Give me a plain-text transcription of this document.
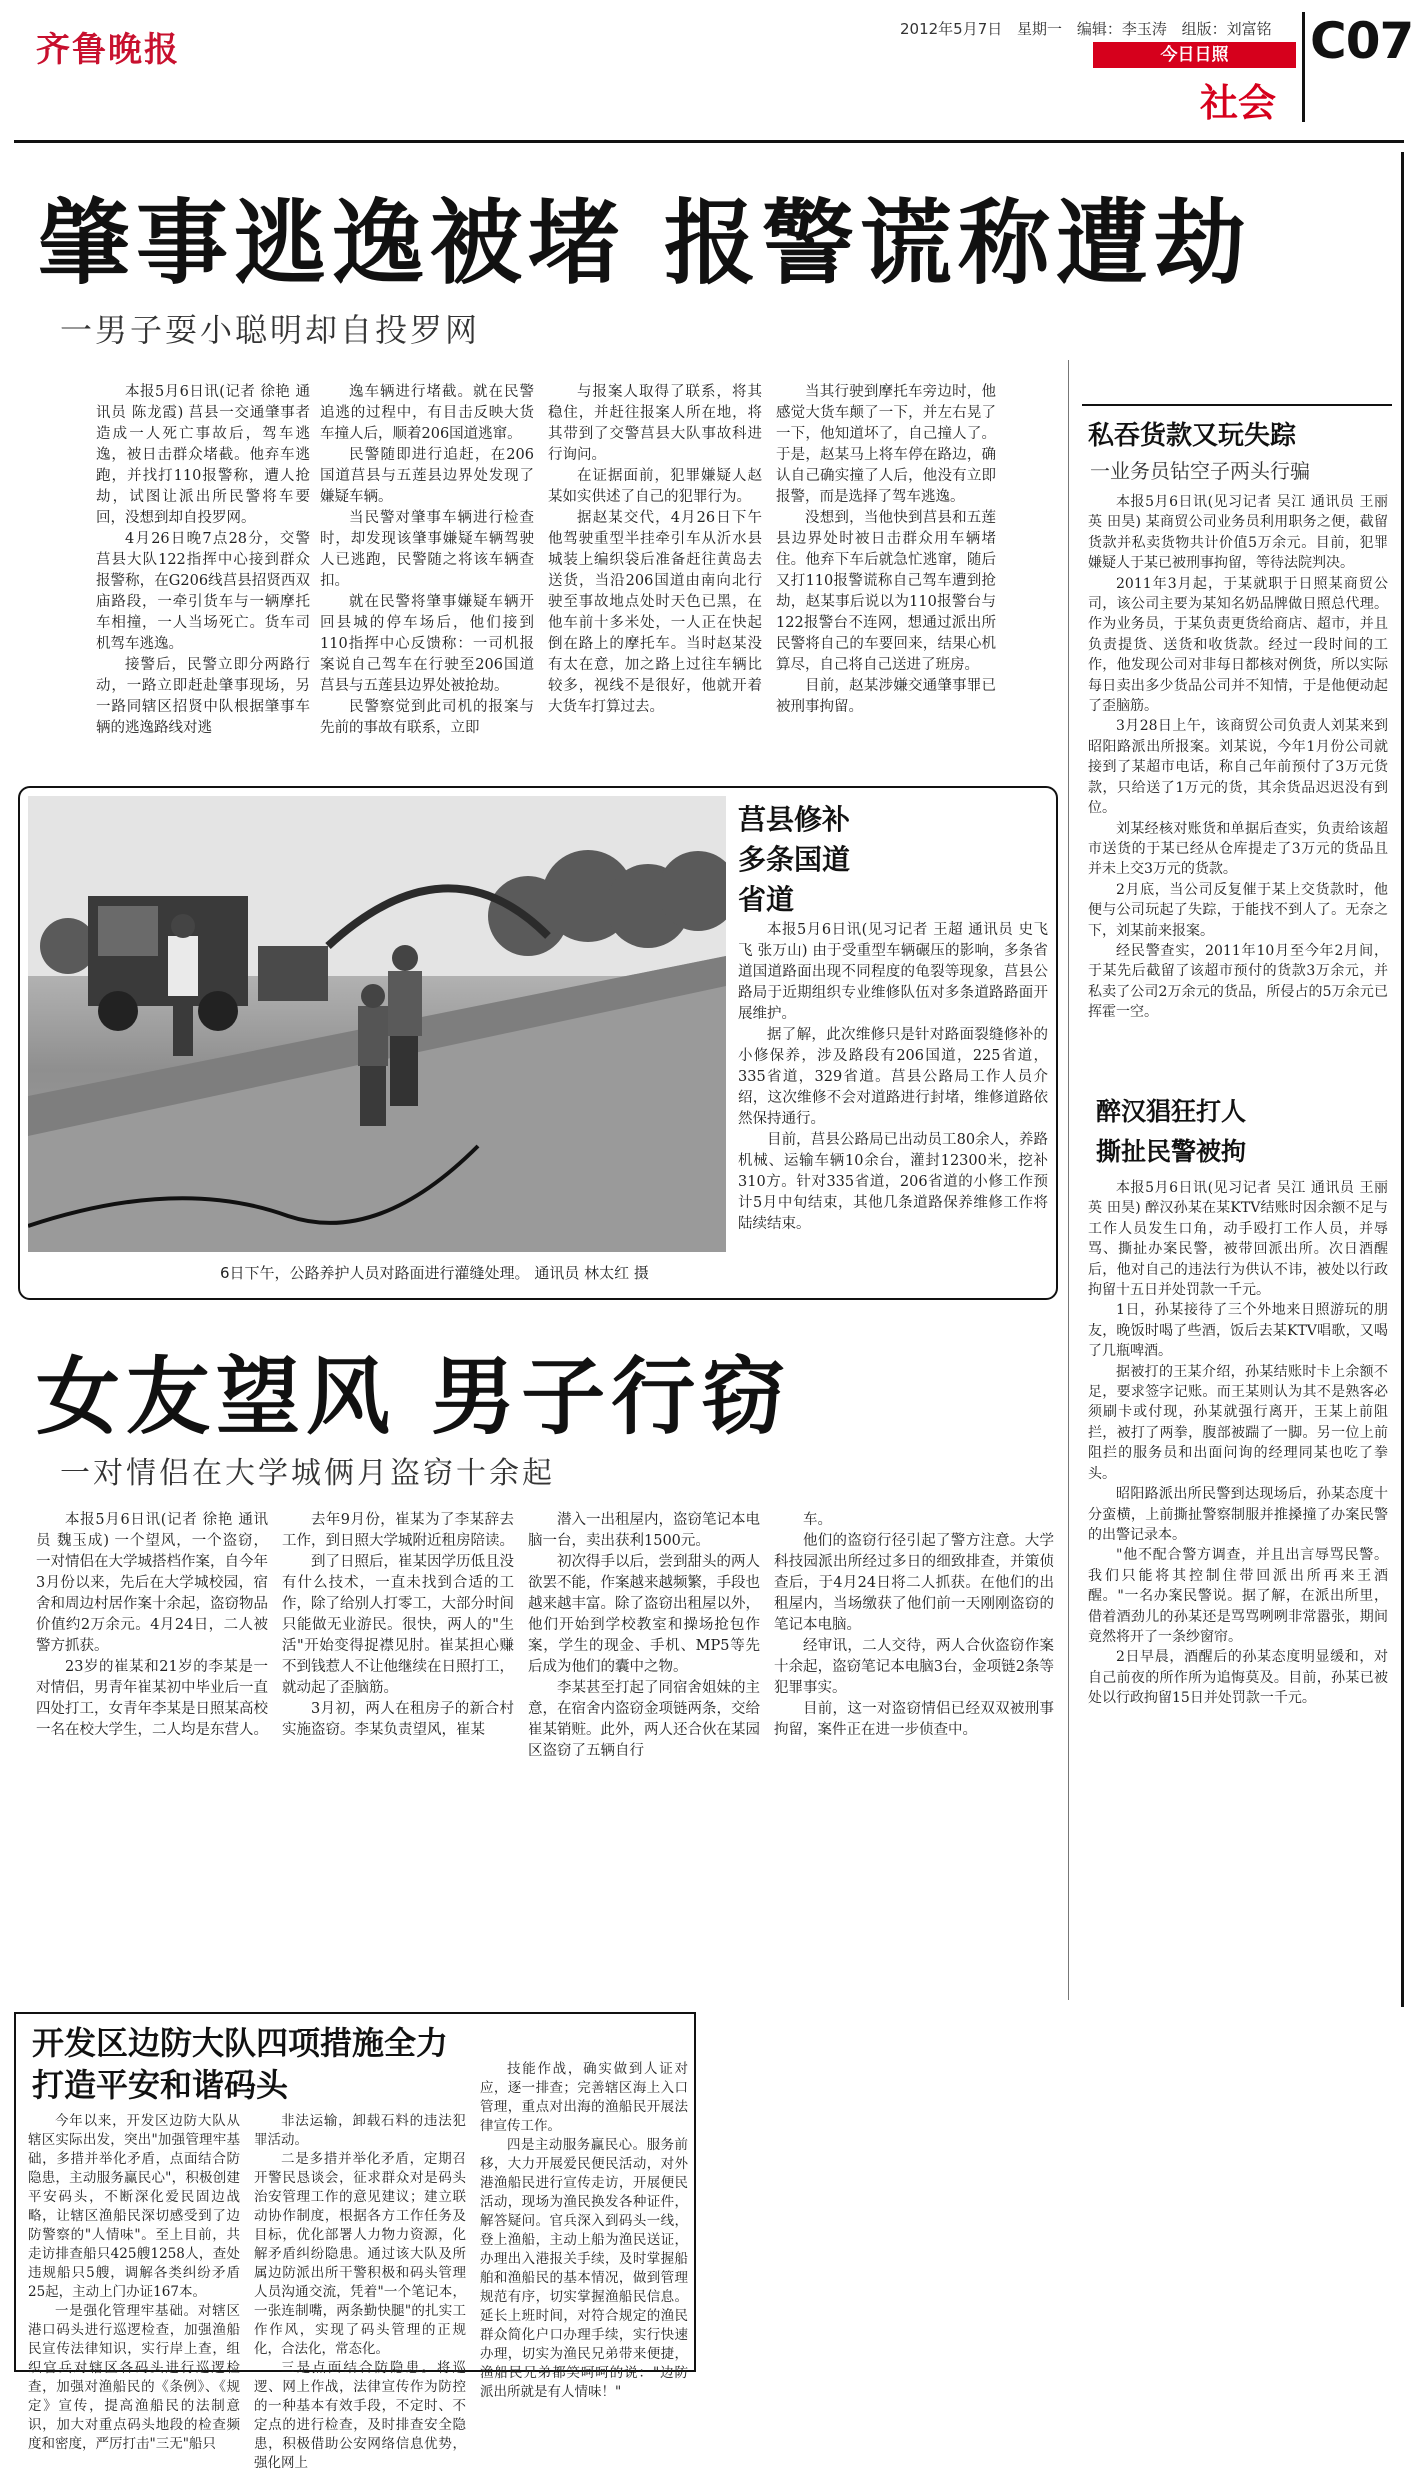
齐鲁晚报
2012年5月7日 星期一 编辑：李玉涛 组版：刘富铭
今日日照
社会
C07
肇事逃逸被堵 报警谎称遭劫
一男子耍小聪明却自投罗网

本报5月6日讯(记者 徐艳 通讯员 陈龙霞) 莒县一交通肇事者造成一人死亡事故后，驾车逃逸，被日击群众堵截。他弃车逃跑，并找打110报警称，遭人抢劫，试图让派出所民警将车要回，没想到却自投罗网。

4月26日晚7点28分，交警莒县大队122指挥中心接到群众报警称，在G206线莒县招贤西双庙路段，一牵引货车与一辆摩托车相撞，一人当场死亡。货车司机驾车逃逸。

接警后，民警立即分两路行动，一路立即赶赴肇事现场，另一路同辖区招贤中队根据肇事车辆的逃逸路线对逃

逸车辆进行堵截。就在民警追逃的过程中，有目击反映大货车撞人后，顺着206国道逃窜。

民警随即进行追赶，在206国道莒县与五莲县边界处发现了嫌疑车辆。

当民警对肇事车辆进行检查时，却发现该肇事嫌疑车辆驾驶人已逃跑，民警随之将该车辆查扣。

就在民警将肇事嫌疑车辆开回县城的停车场后，他们接到110指挥中心反馈称：一司机报案说自己驾车在行驶至206国道莒县与五莲县边界处被抢劫。

民警察觉到此司机的报案与先前的事故有联系，立即

与报案人取得了联系，将其稳住，并赶往报案人所在地，将其带到了交警莒县大队事故科进行询问。

在证据面前，犯罪嫌疑人赵某如实供述了自己的犯罪行为。

据赵某交代，4月26日下午他驾驶重型半挂牵引车从沂水县城装上编织袋后准备赶往黄岛去送货，当沿206国道由南向北行驶至事故地点处时天色已黑，在他车前十多米处，一人正在快起倒在路上的摩托车。当时赵某没有太在意，加之路上过往车辆比较多，视线不是很好，他就开着大货车打算过去。

当其行驶到摩托车旁边时，他感觉大货车颠了一下，并左右晃了一下，他知道坏了，自己撞人了。于是，赵某马上将车停在路边，确认自己确实撞了人后，他没有立即报警，而是选择了驾车逃逸。

没想到，当他快到莒县和五莲县边界处时被日击群众用车辆堵住。他弃下车后就急忙逃窜，随后又打110报警谎称自己驾车遭到抢劫，赵某事后说以为110报警台与122报警台不连网，想通过派出所民警将自己的车要回来，结果心机算尽，自己将自己送进了班房。

目前，赵某涉嫌交通肇事罪已被刑事拘留。

6日下午，公路养护人员对路面进行灌缝处理。 通讯员 林太红 摄
莒县修补多条国道省道

本报5月6日讯(见习记者 王超 通讯员 史飞飞 张万山) 由于受重型车辆碾压的影响，多条省道国道路面出现不同程度的龟裂等现象，莒县公路局于近期组织专业维修队伍对多条道路路面开展维护。

据了解，此次维修只是针对路面裂缝修补的小修保养，涉及路段有206国道，225省道，335省道，329省道。莒县公路局工作人员介绍，这次维修不会对道路进行封堵，维修道路依然保持通行。

目前，莒县公路局已出动员工80余人，养路机械、运输车辆10余台，灌封12300米，挖补310方。针对335省道，206省道的小修工作预计5月中旬结束，其他几条道路保养维修工作将陆续结束。

女友望风 男子行窃
一对情侣在大学城俩月盗窃十余起

本报5月6日讯(记者 徐艳 通讯员 魏玉成) 一个望风，一个盗窃，一对情侣在大学城搭档作案，自今年3月份以来，先后在大学城校园，宿舍和周边村居作案十余起，盗窃物品价值约2万余元。4月24日，二人被警方抓获。

23岁的崔某和21岁的李某是一对情侣，男青年崔某初中毕业后一直四处打工，女青年李某是日照某高校一名在校大学生，二人均是东营人。

去年9月份，崔某为了李某辞去工作，到日照大学城附近租房陪读。

到了日照后，崔某因学历低且没有什么技术，一直未找到合适的工作，除了给别人打零工，大部分时间只能做无业游民。很快，两人的"生活"开始变得捉襟见肘。崔某担心赚不到钱惹人不让他继续在日照打工，就动起了歪脑筋。

3月初，两人在租房子的新合村实施盗窃。李某负责望风，崔某

潜入一出租屋内，盗窃笔记本电脑一台，卖出获利1500元。

初次得手以后，尝到甜头的两人欲罢不能，作案越来越频繁，手段也越来越丰富。除了盗窃出租屋以外，他们开始到学校教室和操场抢包作案，学生的现金、手机、MP5等先后成为他们的囊中之物。

李某甚至打起了同宿舍姐妹的主意，在宿舍内盗窃金项链两条，交给崔某销赃。此外，两人还合伙在某园区盗窃了五辆自行

车。

他们的盗窃行径引起了警方注意。大学科技园派出所经过多日的细致排查，并策侦查后，于4月24日将二人抓获。在他们的出租屋内，当场缴获了他们前一天刚刚盗窃的笔记本电脑。

经审讯，二人交待，两人合伙盗窃作案十余起，盗窃笔记本电脑3台，金项链2条等犯罪事实。

目前，这一对盗窃情侣已经双双被刑事拘留，案件正在进一步侦查中。

私吞货款又玩失踪
一业务员钻空子两头行骗

本报5月6日讯(见习记者 吴江 通讯员 王丽英 田昊) 某商贸公司业务员利用职务之便，截留货款并私卖货物共计价值5万余元。目前，犯罪嫌疑人于某已被刑事拘留，等待法院判决。

2011年3月起，于某就职于日照某商贸公司，该公司主要为某知名奶品牌做日照总代理。作为业务员，于某负责更货给商店、超市，并且负责提货、送货和收货款。经过一段时间的工作，他发现公司对非每日都核对例货，所以实际每日卖出多少货品公司并不知情，于是他便动起了歪脑筋。

3月28日上午，该商贸公司负责人刘某来到昭阳路派出所报案。刘某说，今年1月份公司就接到了某超市电话，称自己年前预付了3万元货款，只给送了1万元的货，其余货品迟迟没有到位。

刘某经核对账货和单据后查实，负责给该超市送货的于某已经从仓库提走了3万元的货品且并未上交3万元的货款。

2月底，当公司反复催于某上交货款时，他便与公司玩起了失踪，于能找不到人了。无奈之下，刘某前来报案。

经民警查实，2011年10月至今年2月间，于某先后截留了该超市预付的货款3万余元，并私卖了公司2万余元的货品，所侵占的5万余元已挥霍一空。

醉汉猖狂打人撕扯民警被拘

本报5月6日讯(见习记者 吴江 通讯员 王丽英 田昊) 醉汉孙某在某KTV结账时因余额不足与工作人员发生口角，动手殴打工作人员，并辱骂、撕扯办案民警，被带回派出所。次日酒醒后，他对自己的违法行为供认不讳，被处以行政拘留十五日并处罚款一千元。

1日，孙某接待了三个外地来日照游玩的朋友，晚饭时喝了些酒，饭后去某KTV唱歌，又喝了几瓶啤酒。

据被打的王某介绍，孙某结账时卡上余额不足，要求签字记账。而王某则认为其不是熟客必须刷卡或付现，孙某就强行离开，王某上前阻拦，被打了两拳，腹部被踹了一脚。另一位上前阻拦的服务员和出面问询的经理同某也吃了拳头。

昭阳路派出所民警到达现场后，孙某态度十分蛮横，上前撕扯警察制服并推搡撞了办案民警的出警记录本。

"他不配合警方调查，并且出言辱骂民警。我们只能将其控制住带回派出所再来王酒醒。"一名办案民警说。据了解，在派出所里，借着酒劲儿的孙某还是骂骂咧咧非常嚣张，期间竟然将开了一条纱窗帘。

2日早晨，酒醒后的孙某态度明显缓和，对自己前夜的所作所为追悔莫及。目前，孙某已被处以行政拘留15日并处罚款一千元。

开发区边防大队四项措施全力打造平安和谐码头

今年以来，开发区边防大队从辖区实际出发，突出"加强管理牢基础，多措并举化矛盾，点面结合防隐患，主动服务赢民心"，积极创建平安码头，不断深化爱民固边战略，让辖区渔船民深切感受到了边防警察的"人情味"。至上目前，共走访排查船只425艘1258人，查处违规船只5艘，调解各类纠纷矛盾25起，主动上门办证167本。

一是强化管理牢基础。对辖区港口码头进行巡逻检查，加强渔船民宣传法律知识，实行岸上查，组织官兵对辖区各码头进行巡逻检查，加强对渔船民的《条例》、《规定》宣传，提高渔船民的法制意识，加大对重点码头地段的检查频度和密度，严厉打击"三无"船只

非法运输，卸载石料的违法犯罪活动。

二是多措并举化矛盾，定期召开警民恳谈会，征求群众对是码头治安管理工作的意见建议；建立联动协作制度，根据各方工作任务及目标，优化部署人力物力资源，化解矛盾纠纷隐患。通过该大队及所属边防派出所干警积极和码头管理人员沟通交流，凭着"一个笔记本，一张连制嘴，两条勤快腿"的扎实工作作风，实现了码头管理的正规化，合法化，常态化。

三是点面结合防隐患。将巡逻、网上作战，法律宣传作为防控的一种基本有效手段，不定时、不定点的进行检查，及时排查安全隐患，积极借助公安网络信息优势，强化网上

技能作战，确实做到人证对应，逐一排查；完善辖区海上入口管理，重点对出海的渔船民开展法律宣传工作。

四是主动服务赢民心。服务前移，大力开展爱民便民活动，对外港渔船民进行宣传走访，开展便民活动，现场为渔民换发各种证件，解答疑问。官兵深入到码头一线，登上渔船，主动上船为渔民送证，办理出入港报关手续，及时掌握船舶和渔船民的基本情况，做到管理规范有序，切实掌握渔船民信息。延长上班时间，对符合规定的渔民群众简化户口办理手续，实行快速办理，切实为渔民兄弟带来便捷，渔船民兄弟都笑呵呵的说："边防派出所就是有人情味！"
